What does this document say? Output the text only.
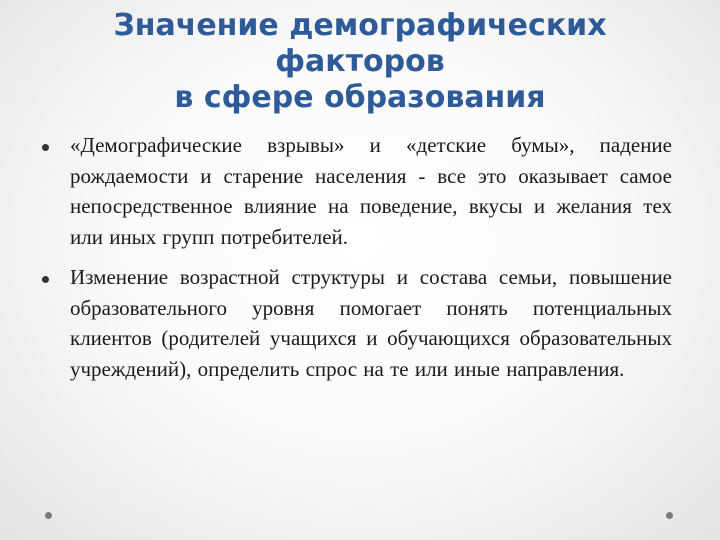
Значение демографических
факторов
в сфере образования
«Демографические взрывы» и «детские бумы», падение рождаемости и старение населения - все это оказывает самое непосредственное влияние на поведение, вкусы и желания тех или иных групп потребителей.
Изменение возрастной структуры и состава семьи, повышение образовательного уровня помогает понять потенциальных клиентов (родителей учащихся и обучающихся образовательных учреждений), определить спрос на те или иные направления.
